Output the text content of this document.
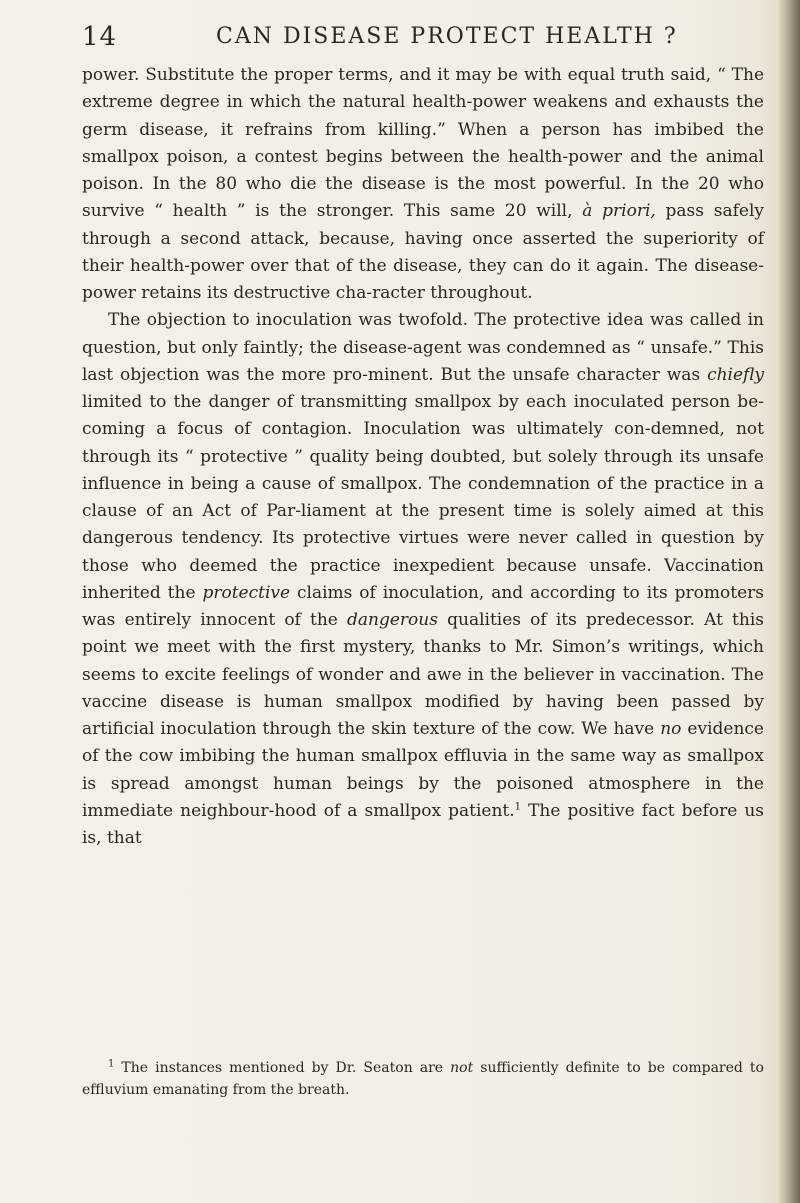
14	CAN DISEASE PROTECT HEALTH ?

power. Substitute the proper terms, and it may be with equal truth said, “ The extreme degree in which the natural health-power weakens and exhausts the germ disease, it refrains from killing.” When a person has imbibed the smallpox poison, a contest begins between the health-power and the animal poison. In the 80 who die the disease is the most powerful. In the 20 who survive “ health ” is the stronger. This same 20 will, à priori, pass safely through a second attack, because, having once asserted the superiority of their health-power over that of the disease, they can do it again. The disease-power retains its destructive cha-racter throughout.

The objection to inoculation was twofold. The protective idea was called in question, but only faintly; the disease-agent was condemned as “ unsafe.” This last objection was the more pro-minent. But the unsafe character was chiefly limited to the danger of transmitting smallpox by each inoculated person be-coming a focus of contagion. Inoculation was ultimately con-demned, not through its “ protective ” quality being doubted, but solely through its unsafe influence in being a cause of smallpox. The condemnation of the practice in a clause of an Act of Par-liament at the present time is solely aimed at this dangerous tendency. Its protective virtues were never called in question by those who deemed the practice inexpedient because unsafe. Vaccination inherited the protective claims of inoculation, and according to its promoters was entirely innocent of the dangerous qualities of its predecessor. At this point we meet with the first mystery, thanks to Mr. Simon’s writings, which seems to excite feelings of wonder and awe in the believer in vaccination. The vaccine disease is human smallpox modified by having been passed by artificial inoculation through the skin texture of the cow. We have no evidence of the cow imbibing the human smallpox effluvia in the same way as smallpox is spread amongst human beings by the poisoned atmosphere in the immediate neighbour-hood of a smallpox patient.$^1$ The positive fact before us is, that

$^1$ The instances mentioned by Dr. Seaton are not sufficiently definite to be compared to effluvium emanating from the breath.
